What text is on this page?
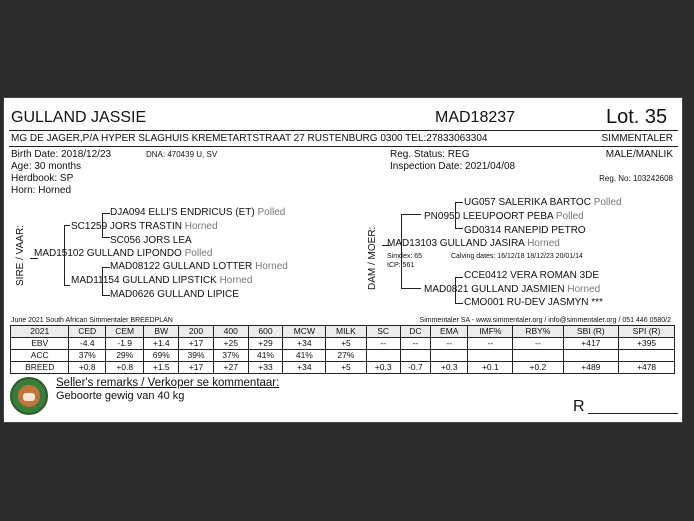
GULLAND JASSIE	MAD18237	Lot. 35
MG DE JAGER,P/A HYPER SLAGHUIS KREMETARTSTRAAT 27 RUSTENBURG 0300 TEL:27833063304	SIMMENTALER
Birth Date: 2018/12/23	DNA: 470439 U, SV
Age: 30 months
Herdbook: SP
Horn: Horned
Reg. Status: REG
Inspection Date: 2021/04/08
MALE/MANLIK
Reg. No: 103242608
SIRE / VAAR:
DJA094 ELLI'S ENDRICUS (ET) Polled
SC1259 JORS TRASTIN Horned
SC056 JORS LEA
MAD15102 GULLAND LIPONDO Polled
MAD08122 GULLAND LOTTER Horned
MAD11154 GULLAND LIPSTICK Horned
MAD0626 GULLAND LIPICE
DAM / MOER:
UG057 SALERIKA BARTOC Polled
PN0950 LEEUPOORT PEBA Polled
GD0314 RANEPID PETRO
MAD13103 GULLAND JASIRA Horned
Simdex: 65	Calving dates: 16/12/18 18/12/23 20/01/14
ICP: 561
CCE0412 VERA ROMAN 3DE
MAD0821 GULLAND JASMIEN Horned
CMO001 RU-DEV JASMYN ***
June 2021 South African Simmentaler BREEDPLAN	Simmentaler SA - www.simmentaler.org / info@simmentaler.org / 051 446 0580/2
2021	CED	CEM	BW	200	400	600	MCW	MILK	SC	DC	EMA	IMF%	RBY%	SBI (R)	SPI (R)
EBV	-4.4	-1.9	+1.4	+17	+25	+29	+34	+5	--	--	--	--	--	+417	+395
ACC	37%	29%	69%	39%	37%	41%	41%	27%							
BREED	+0.8	+0.8	+1.5	+17	+27	+33	+34	+5	+0.3	-0.7	+0.3	+0.1	+0.2	+489	+478
Seller's remarks / Verkoper se kommentaar:
Geboorte gewig van 40 kg
R
